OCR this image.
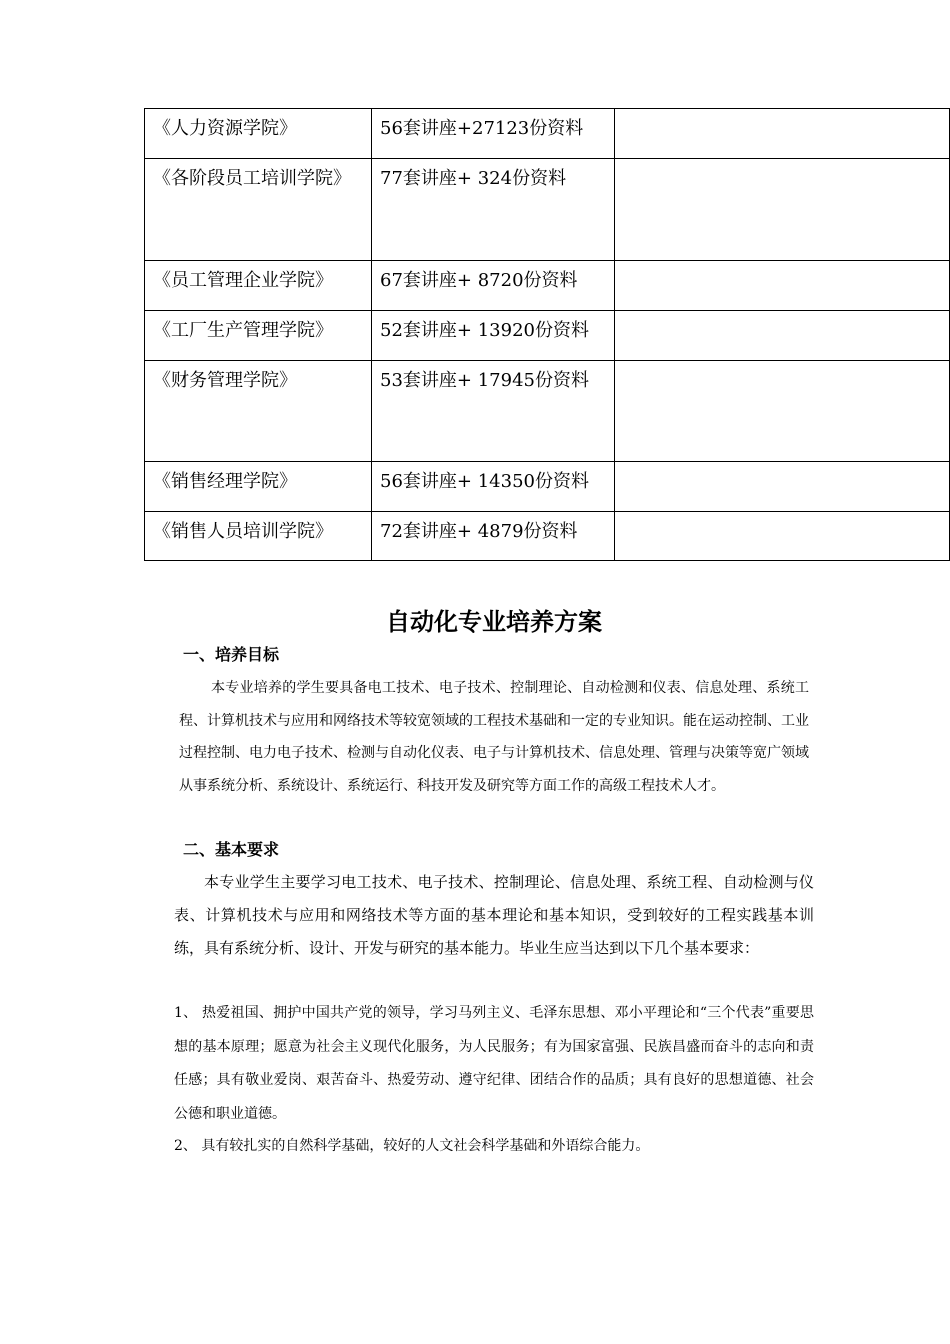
《人力资源学院》	56套讲座+27123份资料	

《各阶段员工培训学院》	77套讲座+ 324份资料	

《员工管理企业学院》	67套讲座+ 8720份资料	

《工厂生产管理学院》	52套讲座+ 13920份资料	

《财务管理学院》	53套讲座+ 17945份资料	

《销售经理学院》	56套讲座+ 14350份资料	

《销售人员培训学院》	72套讲座+ 4879份资料	

自动化专业培养方案
一、培养目标

本专业培养的学生要具备电工技术、电子技术、控制理论、自动检测和仪表、信息处理、系统工程、计算机技术与应用和网络技术等较宽领域的工程技术基础和一定的专业知识。能在运动控制、工业过程控制、电力电子技术、检测与自动化仪表、电子与计算机技术、信息处理、管理与决策等宽广领域从事系统分析、系统设计、系统运行、科技开发及研究等方面工作的高级工程技术人才。

二、基本要求

本专业学生主要学习电工技术、电子技术、控制理论、信息处理、系统工程、自动检测与仪表、计算机技术与应用和网络技术等方面的基本理论和基本知识，受到较好的工程实践基本训练，具有系统分析、设计、开发与研究的基本能力。毕业生应当达到以下几个基本要求：

1、 热爱祖国、拥护中国共产党的领导，学习马列主义、毛泽东思想、邓小平理论和“三个代表”重要思想的基本原理；愿意为社会主义现代化服务，为人民服务；有为国家富强、民族昌盛而奋斗的志向和责任感；具有敬业爱岗、艰苦奋斗、热爱劳动、遵守纪律、团结合作的品质；具有良好的思想道德、社会公德和职业道德。

2、 具有较扎实的自然科学基础，较好的人文社会科学基础和外语综合能力。
